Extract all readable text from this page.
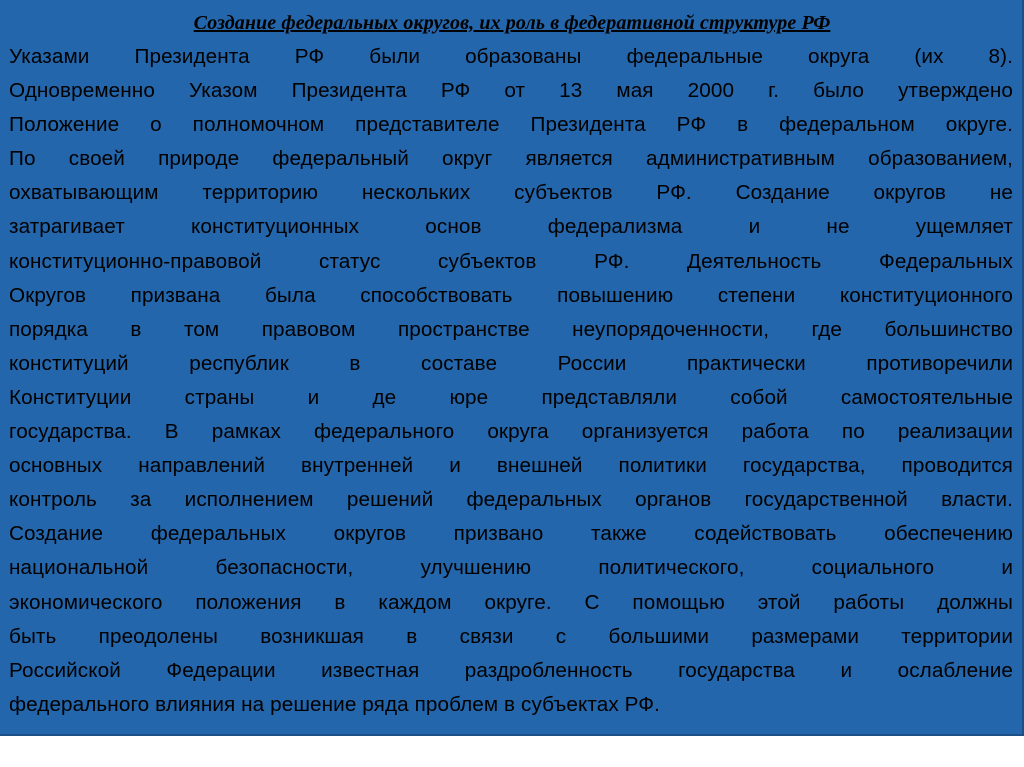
Создание федеральных округов, их роль в федеративной структуре РФ
Указами Президента РФ были образованы федеральные округа (их 8).
Одновременно Указом Президента РФ от 13 мая 2000 г. было утверждено
Положение о полномочном представителе Президента РФ в федеральном округе.
По своей природе федеральный округ является административным образованием,
охватывающим территорию нескольких субъектов РФ. Создание округов не
затрагивает конституционных основ федерализма и не ущемляет
конституционно-правовой статус субъектов РФ. Деятельность Федеральных
Округов призвана была способствовать повышению степени конституционного
порядка в том правовом пространстве неупорядоченности, где большинство
конституций республик в составе России практически противоречили
Конституции страны и де юре представляли собой самостоятельные
государства. В рамках федерального округа организуется работа по реализации
основных направлений внутренней и внешней политики государства, проводится
контроль за исполнением решений федеральных органов государственной власти.
Создание федеральных округов призвано также содействовать обеспечению
национальной безопасности, улучшению политического, социального и
экономического положения в каждом округе. С помощью этой работы должны
быть преодолены возникшая в связи с большими размерами территории
Российской Федерации известная раздробленность государства и ослабление
федерального влияния на решение ряда проблем в субъектах РФ.
